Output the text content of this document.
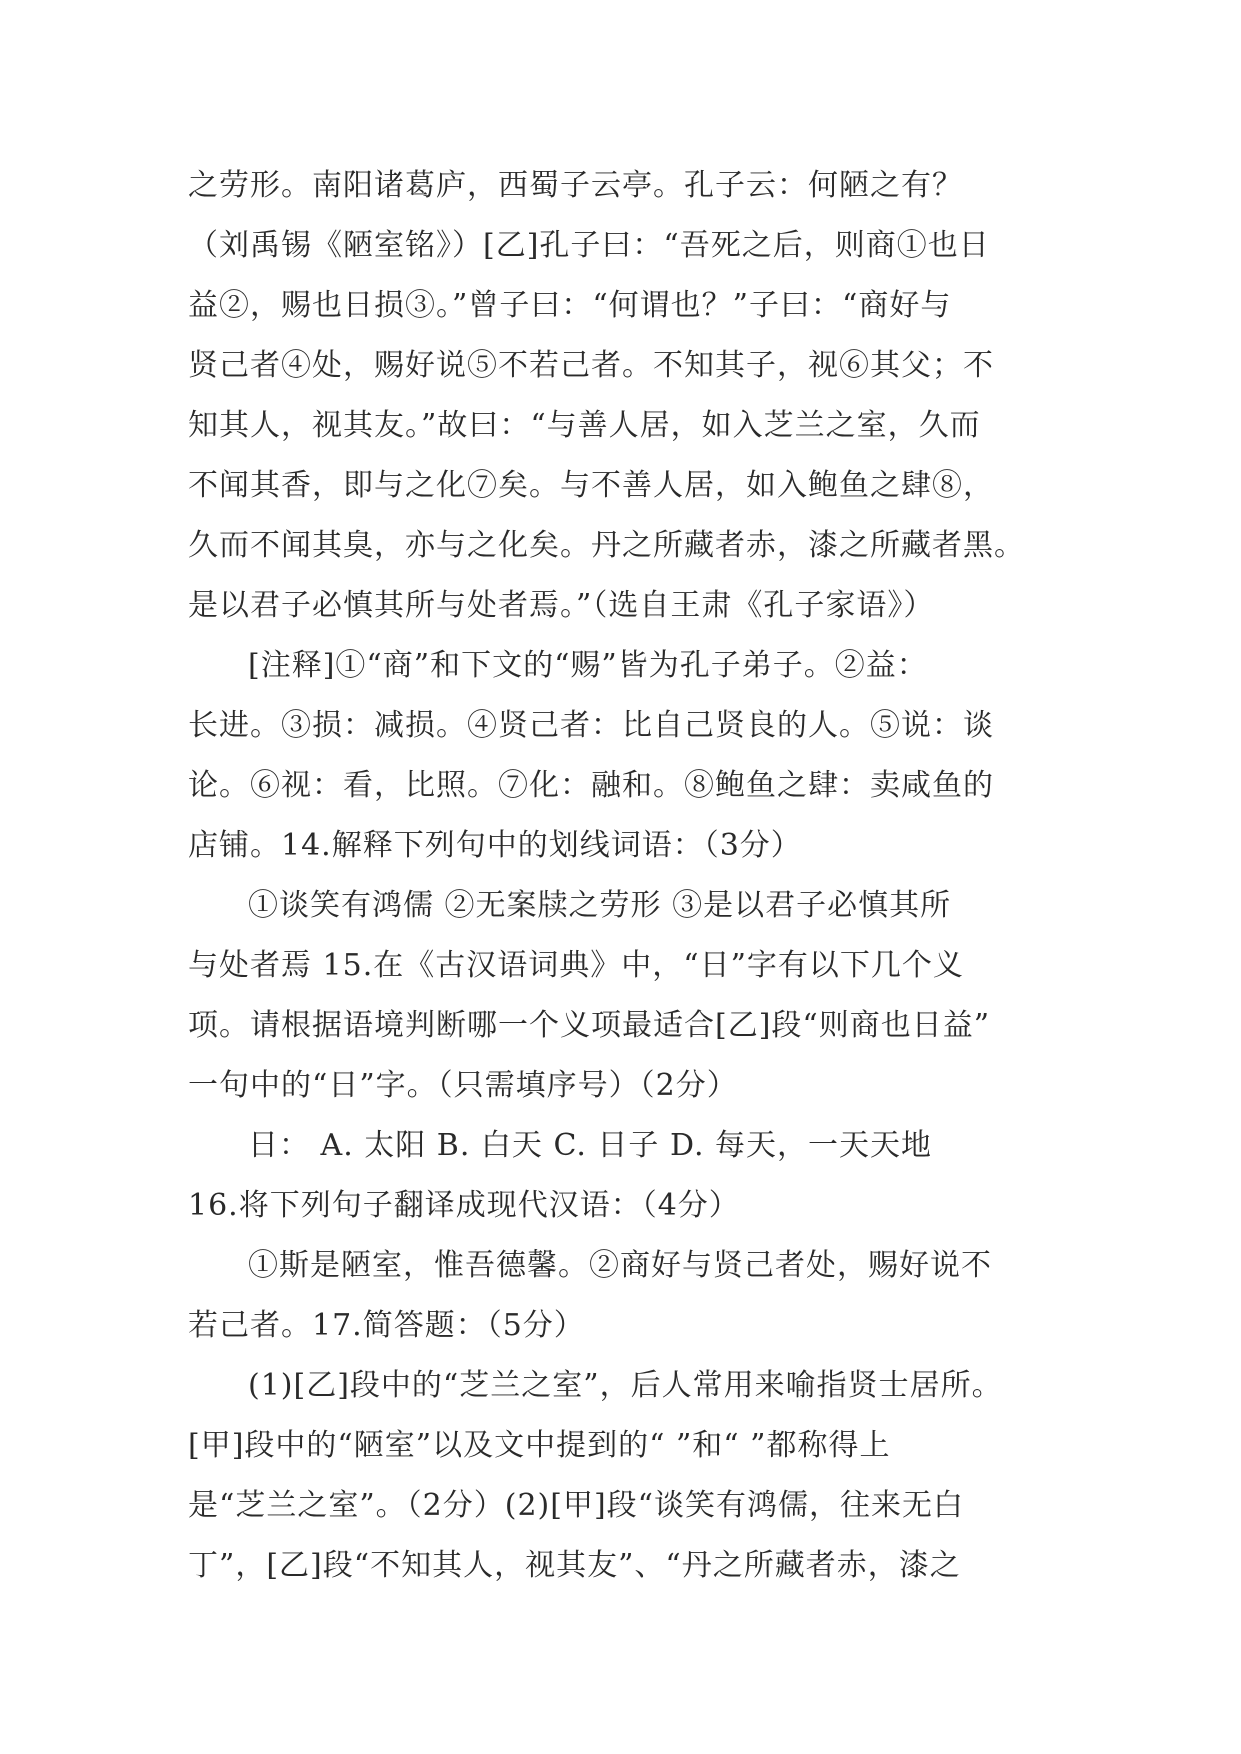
之劳形。南阳诸葛庐，西蜀子云亭。孔子云：何陋之有？
（刘禹锡《陋室铭》）[乙]孔子曰：“吾死之后，则商①也日
益②，赐也日损③。”曾子曰：“何谓也？”子曰：“商好与
贤己者④处，赐好说⑤不若己者。不知其子，视⑥其父；不
知其人，视其友。”故曰：“与善人居，如入芝兰之室，久而
不闻其香，即与之化⑦矣。与不善人居，如入鲍鱼之肆⑧，
久而不闻其臭，亦与之化矣。丹之所藏者赤，漆之所藏者黑。
是以君子必慎其所与处者焉。”（选自王肃《孔子家语》）
[注释]①“商”和下文的“赐”皆为孔子弟子。②益：
长进。③损：减损。④贤己者：比自己贤良的人。⑤说：谈
论。⑥视：看，比照。⑦化：融和。⑧鲍鱼之肆：卖咸鱼的
店铺。14.解释下列句中的划线词语：（3分）
①谈笑有鸿儒 ②无案牍之劳形 ③是以君子必慎其所
与处者焉 15.在《古汉语词典》中，“日”字有以下几个义
项。请根据语境判断哪一个义项最适合[乙]段“则商也日益”
一句中的“日”字。（只需填序号）（2分）
日： A. 太阳 B. 白天 C. 日子 D. 每天，一天天地
16.将下列句子翻译成现代汉语：（4分）
①斯是陋室，惟吾德馨。②商好与贤己者处，赐好说不
若己者。17.简答题：（5分）
(1)[乙]段中的“芝兰之室”，后人常用来喻指贤士居所。
[甲]段中的“陋室”以及文中提到的“ ”和“ ”都称得上
是“芝兰之室”。（2分）(2)[甲]段“谈笑有鸿儒，往来无白
丁”，[乙]段“不知其人，视其友”、“丹之所藏者赤，漆之
